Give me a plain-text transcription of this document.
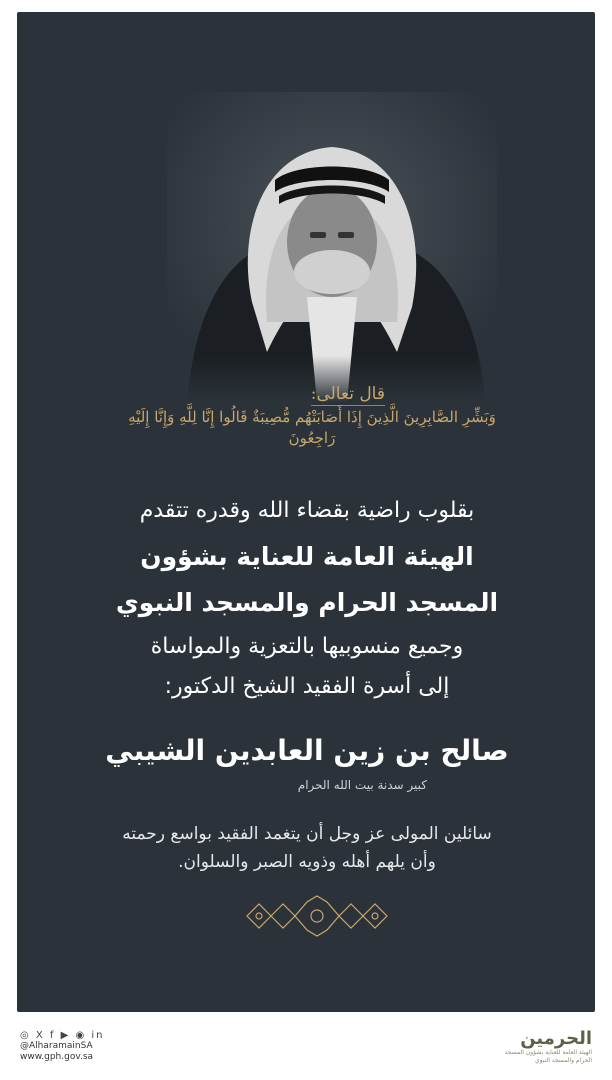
قال تعالى:
وَبَشِّرِ الصَّابِرِينَ الَّذِينَ إِذَا أَصَابَتْهُم مُّصِيبَةٌ قَالُوا إِنَّا لِلَّهِ وَإِنَّا إِلَيْهِ رَاجِعُونَ
بقلوب راضية بقضاء الله وقدره تتقدم
الهيئة العامة للعناية بشؤون
المسجد الحرام والمسجد النبوي
وجميع منسوبيها بالتعزية والمواساة
إلى أسرة الفقيد الشيخ الدكتور:
صالح بن زين العابدين الشيبي
كبير سدنة بيت الله الحرام
سائلين المولى عز وجل أن يتغمد الفقيد بواسع رحمته
وأن يلهم أهله وذويه الصبر والسلوان.
◎ X f ▶ ◉ in
@AlharamainSA
www.gph.gov.sa
الحرمين
الهيئة العامة للعناية بشؤون المسجد الحرام والمسجد النبوي
